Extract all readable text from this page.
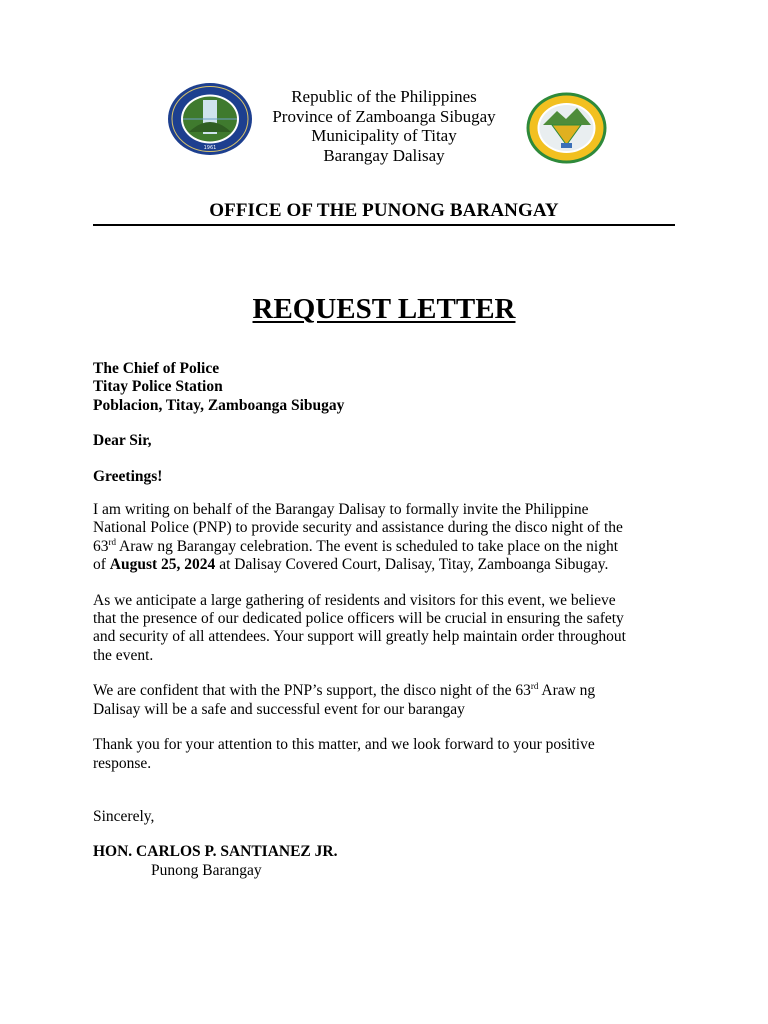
1961
Republic of the Philippines
Province of Zamboanga Sibugay
Municipality of Titay
Barangay Dalisay
OFFICE OF THE PUNONG BARANGAY
REQUEST LETTER
The Chief of Police
Titay Police Station
Poblacion, Titay, Zamboanga Sibugay

Dear Sir,

Greetings!

I am writing on behalf of the Barangay Dalisay to formally invite the Philippine
National Police (PNP) to provide security and assistance during the disco night of the
63rd Araw ng Barangay celebration. The event is scheduled to take place on the night
of August 25, 2024 at Dalisay Covered Court, Dalisay, Titay, Zamboanga Sibugay.
As we anticipate a large gathering of residents and visitors for this event, we believe
that the presence of our dedicated police officers will be crucial in ensuring the safety
and security of all attendees. Your support will greatly help maintain order throughout
the event.
We are confident that with the PNP’s support, the disco night of the 63rd Araw ng
Dalisay will be a safe and successful event for our barangay
Thank you for your attention to this matter, and we look forward to your positive
response.

Sincerely,

HON. CARLOS P. SANTIANEZ JR.

Punong Barangay
